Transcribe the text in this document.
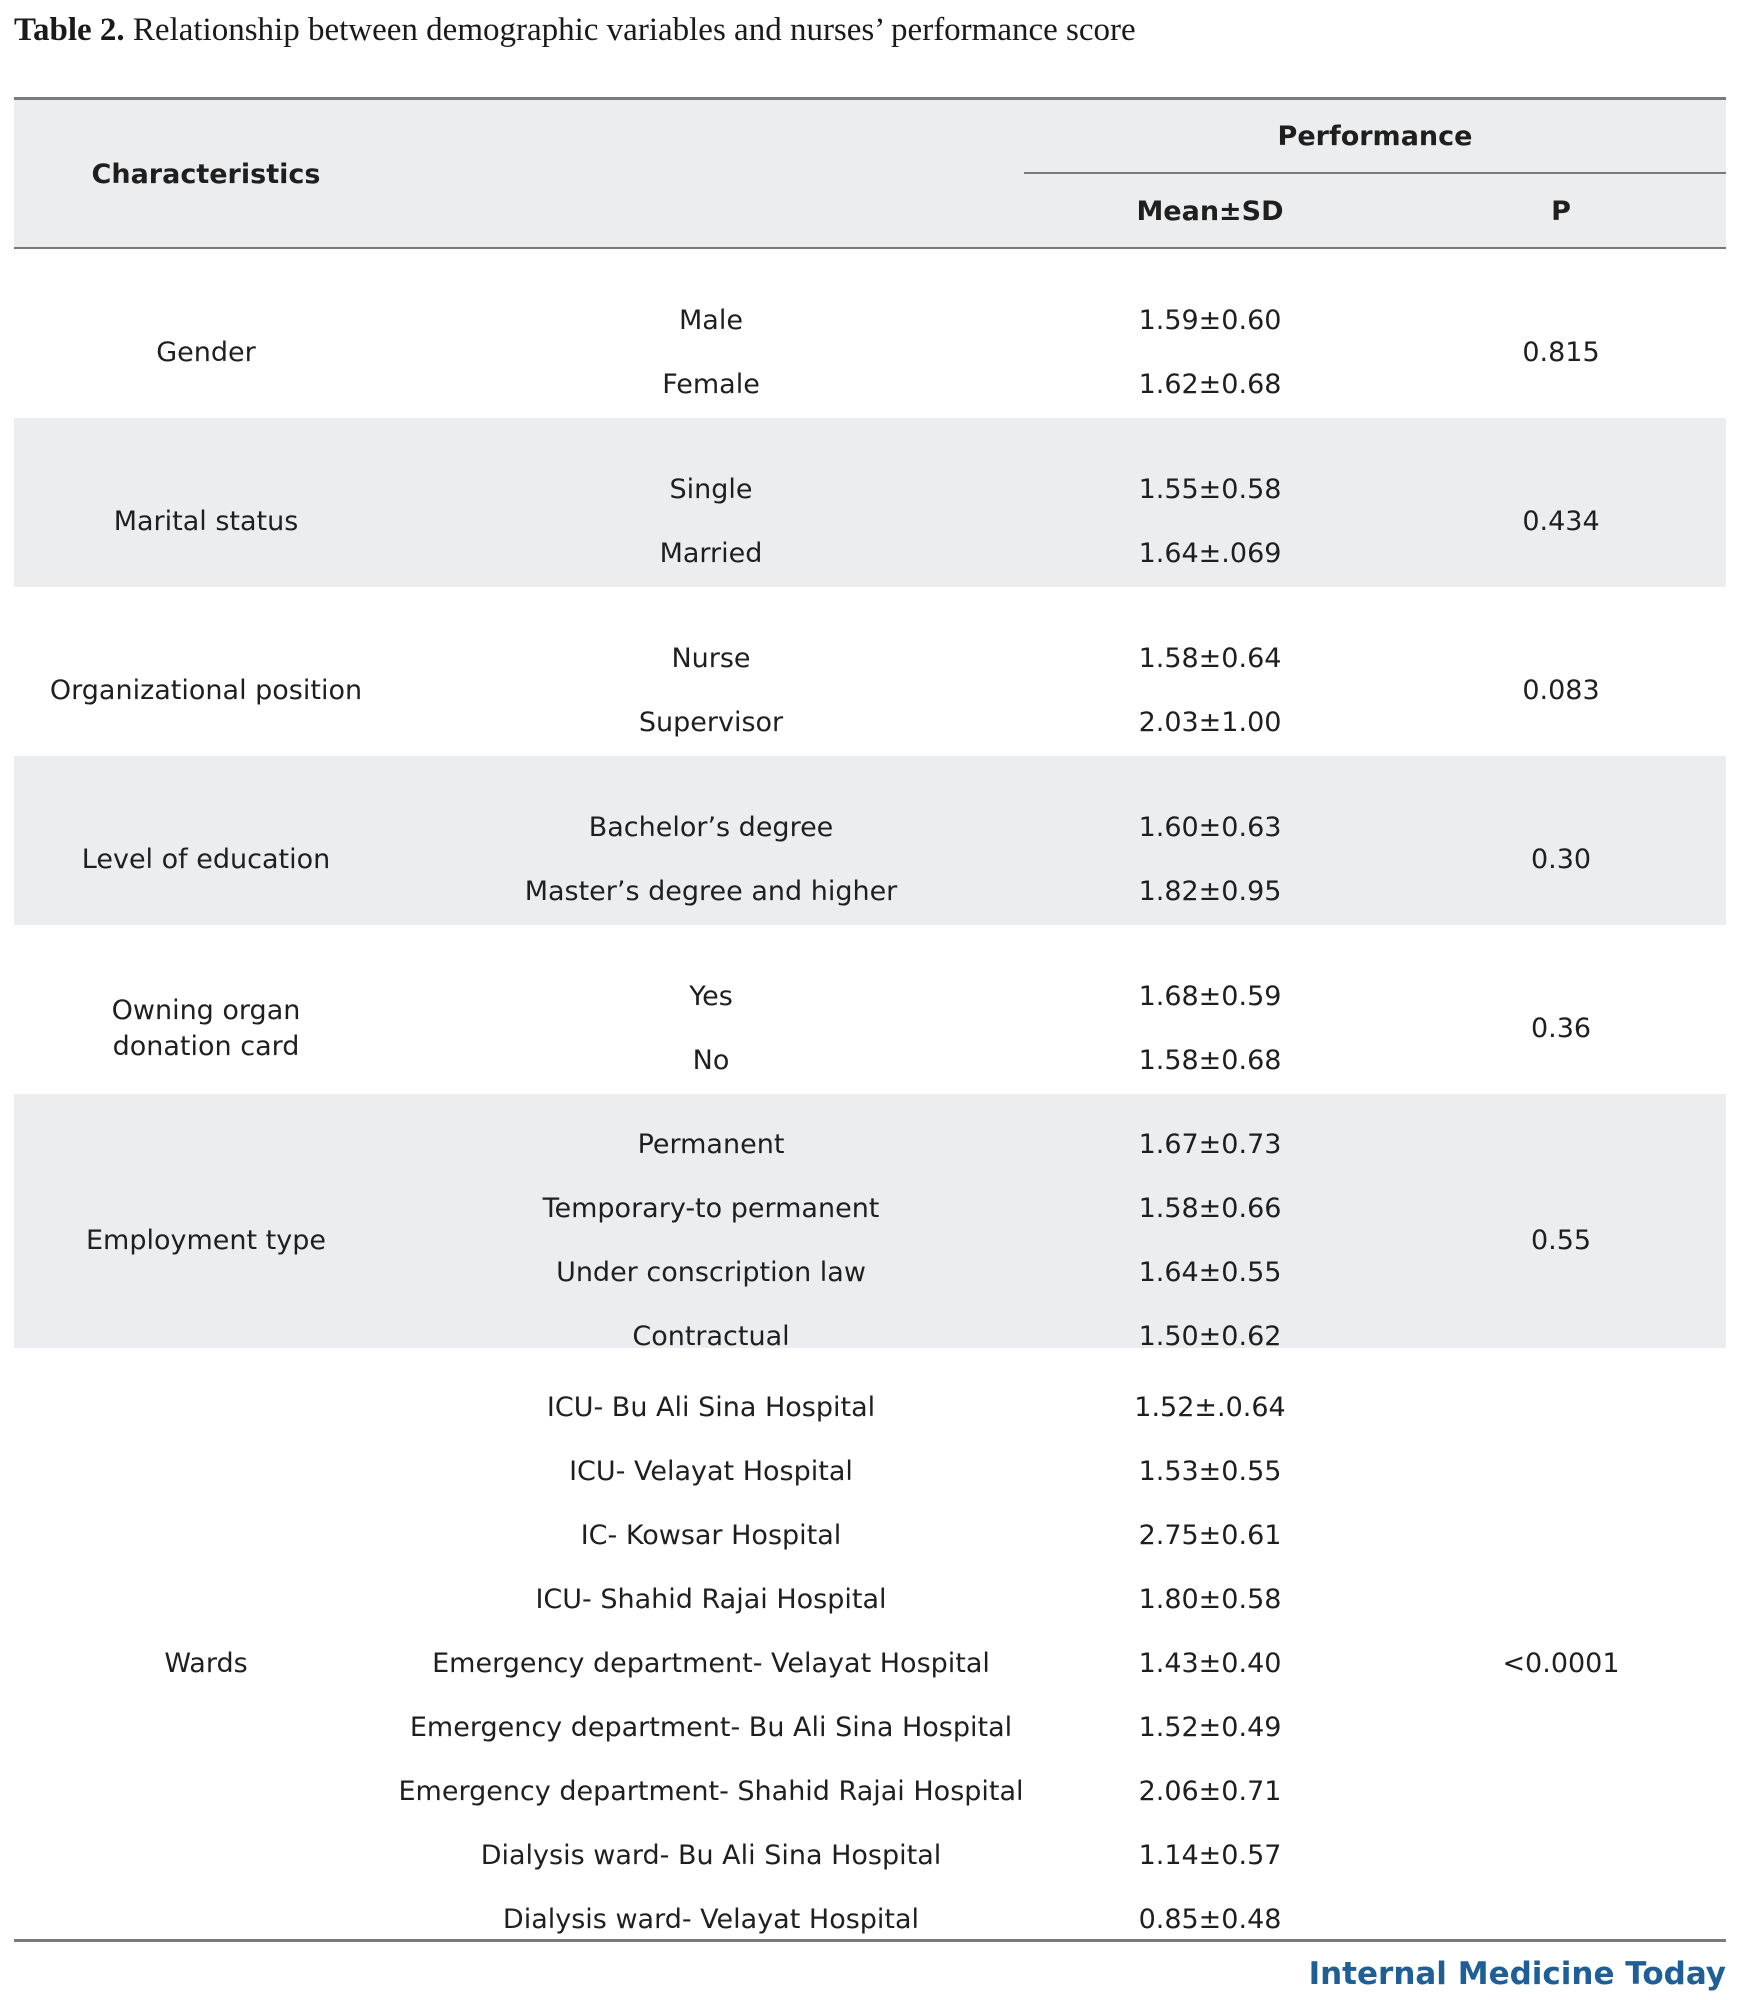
Table 2. Relationship between demographic variables and nurses’ performance score
Characteristics
Performance
Mean±SD	P
Gender
Male	1.59±0.60
Female	1.62±0.68
0.815
Marital status
Single	1.55±0.58
Married	1.64±.069
0.434
Organizational position
Nurse	1.58±0.64
Supervisor	2.03±1.00
0.083
Level of education
Bachelor’s degree	1.60±0.63
Master’s degree and higher	1.82±0.95
0.30
Owning organ
donation card
Yes	1.68±0.59
No	1.58±0.68
0.36
Employment type
Permanent	1.67±0.73
Temporary-to permanent	1.58±0.66
Under conscription law	1.64±0.55
Contractual	1.50±0.62
0.55
Wards
ICU- Bu Ali Sina Hospital	1.52±.0.64
ICU- Velayat Hospital	1.53±0.55
IC- Kowsar Hospital	2.75±0.61
ICU- Shahid Rajai Hospital	1.80±0.58
Emergency department- Velayat Hospital	1.43±0.40
Emergency department- Bu Ali Sina Hospital	1.52±0.49
Emergency department- Shahid Rajai Hospital	2.06±0.71
Dialysis ward- Bu Ali Sina Hospital	1.14±0.57
Dialysis ward- Velayat Hospital	0.85±0.48
<0.0001
Internal Medicine Today
